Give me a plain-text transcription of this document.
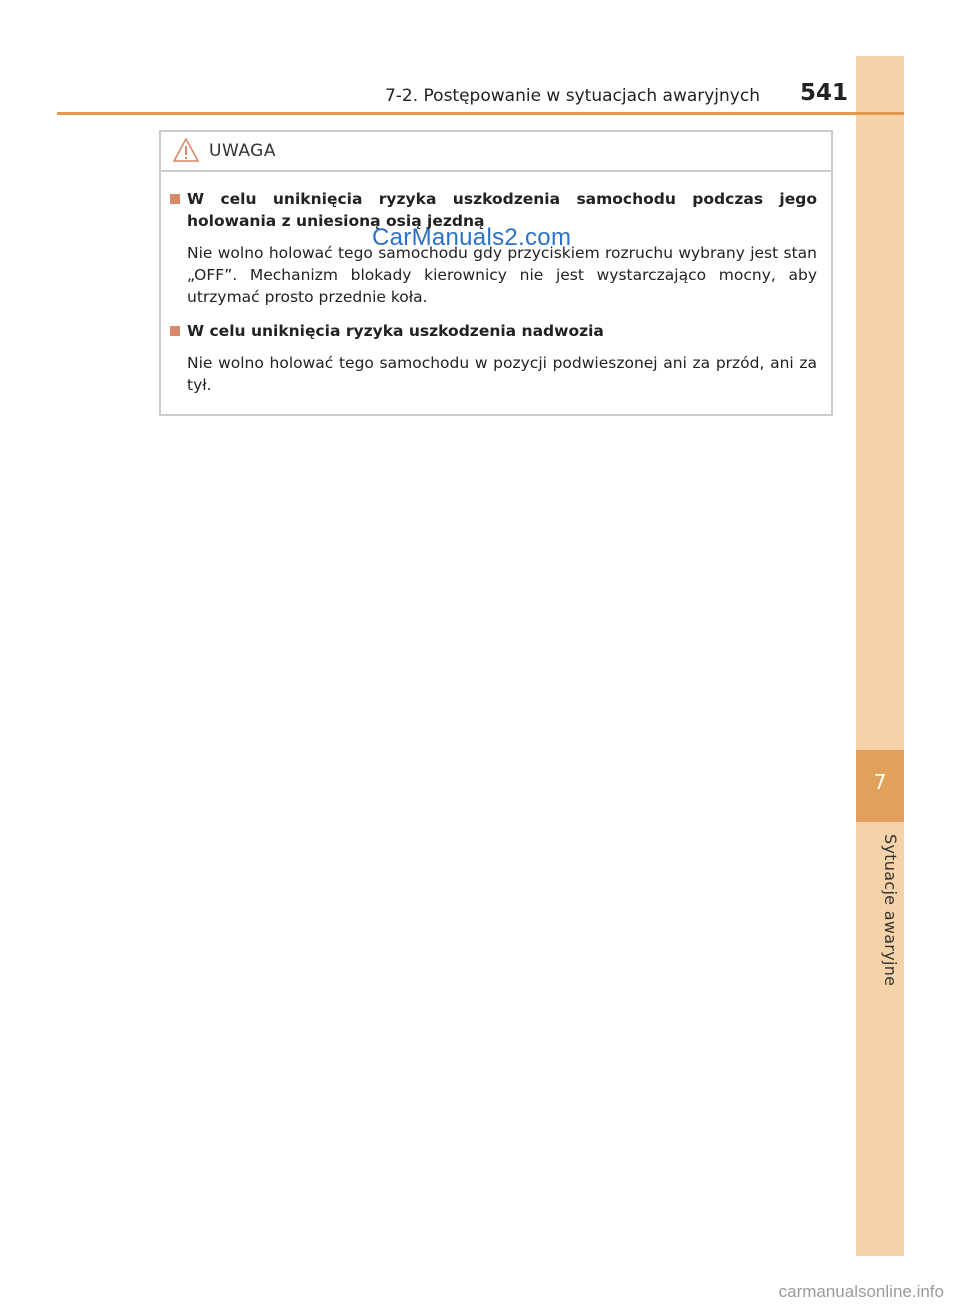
7
Sytuacje awaryjne
7-2. Postępowanie w sytuacjach awaryjnych 541
UWAGA
W celu uniknięcia ryzyka uszkodzenia samochodu podczas jego holowania z uniesioną osią jezdną

Nie wolno holować tego samochodu gdy przyciskiem rozruchu wybrany jest stan „OFF”. Mechanizm blokady kierownicy nie jest wystarczająco mocny, aby utrzymać prosto przednie koła.

W celu uniknięcia ryzyka uszkodzenia nadwozia

Nie wolno holować tego samochodu w pozycji podwieszonej ani za przód, ani za tył.

CarManuals2.com
carmanualsonline.info
